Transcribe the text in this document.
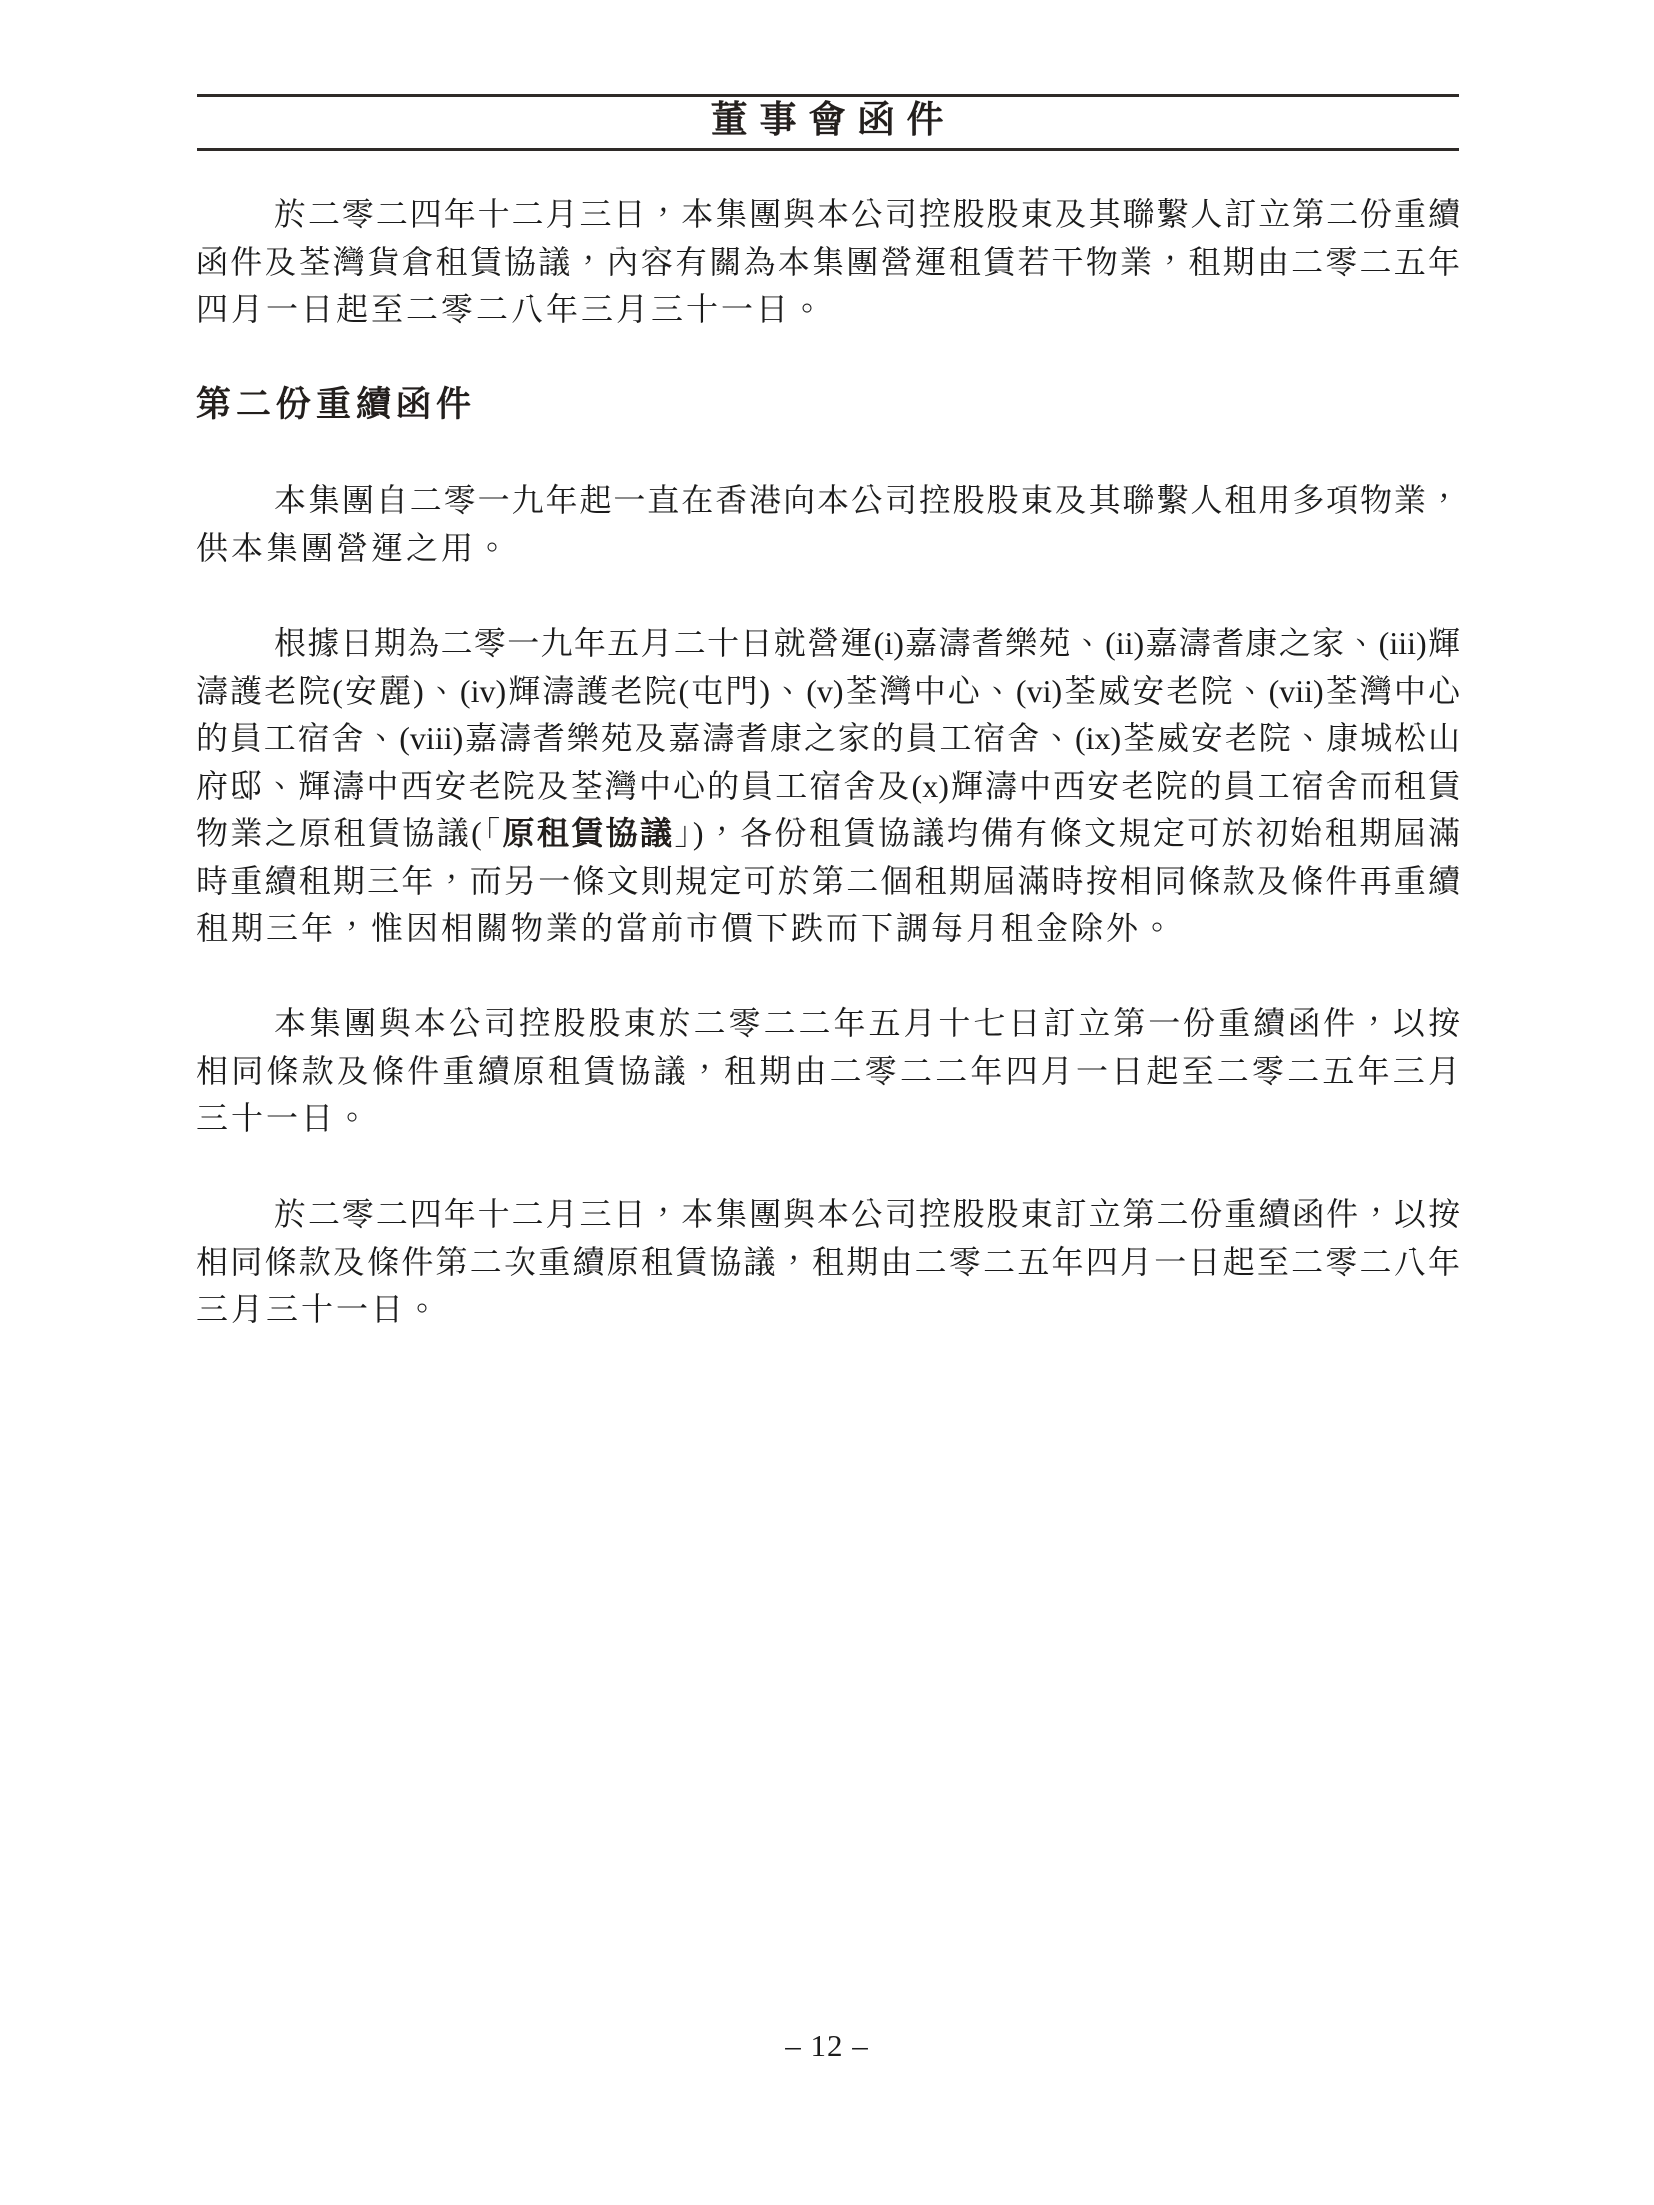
董事會函件
於二零二四年十二月三日，本集團與本公司控股股東及其聯繫人訂立第二份重續
函件及荃灣貨倉租賃協議，內容有關為本集團營運租賃若干物業，租期由二零二五年
四月一日起至二零二八年三月三十一日。
第二份重續函件
本集團自二零一九年起一直在香港向本公司控股股東及其聯繫人租用多項物業，
供本集團營運之用。
根據日期為二零一九年五月二十日就營運(i)嘉濤耆樂苑、(ii)嘉濤耆康之家、(iii)輝
濤護老院(安麗)、(iv)輝濤護老院(屯門)、(v)荃灣中心、(vi)荃威安老院、(vii)荃灣中心
的員工宿舍、(viii)嘉濤耆樂苑及嘉濤耆康之家的員工宿舍、(ix)荃威安老院、康城松山
府邸、輝濤中西安老院及荃灣中心的員工宿舍及(x)輝濤中西安老院的員工宿舍而租賃
物業之原租賃協議(「原租賃協議」)，各份租賃協議均備有條文規定可於初始租期屆滿
時重續租期三年，而另一條文則規定可於第二個租期屆滿時按相同條款及條件再重續
租期三年，惟因相關物業的當前市價下跌而下調每月租金除外。
本集團與本公司控股股東於二零二二年五月十七日訂立第一份重續函件，以按
相同條款及條件重續原租賃協議，租期由二零二二年四月一日起至二零二五年三月
三十一日。
於二零二四年十二月三日，本集團與本公司控股股東訂立第二份重續函件，以按
相同條款及條件第二次重續原租賃協議，租期由二零二五年四月一日起至二零二八年
三月三十一日。
– 12 –
